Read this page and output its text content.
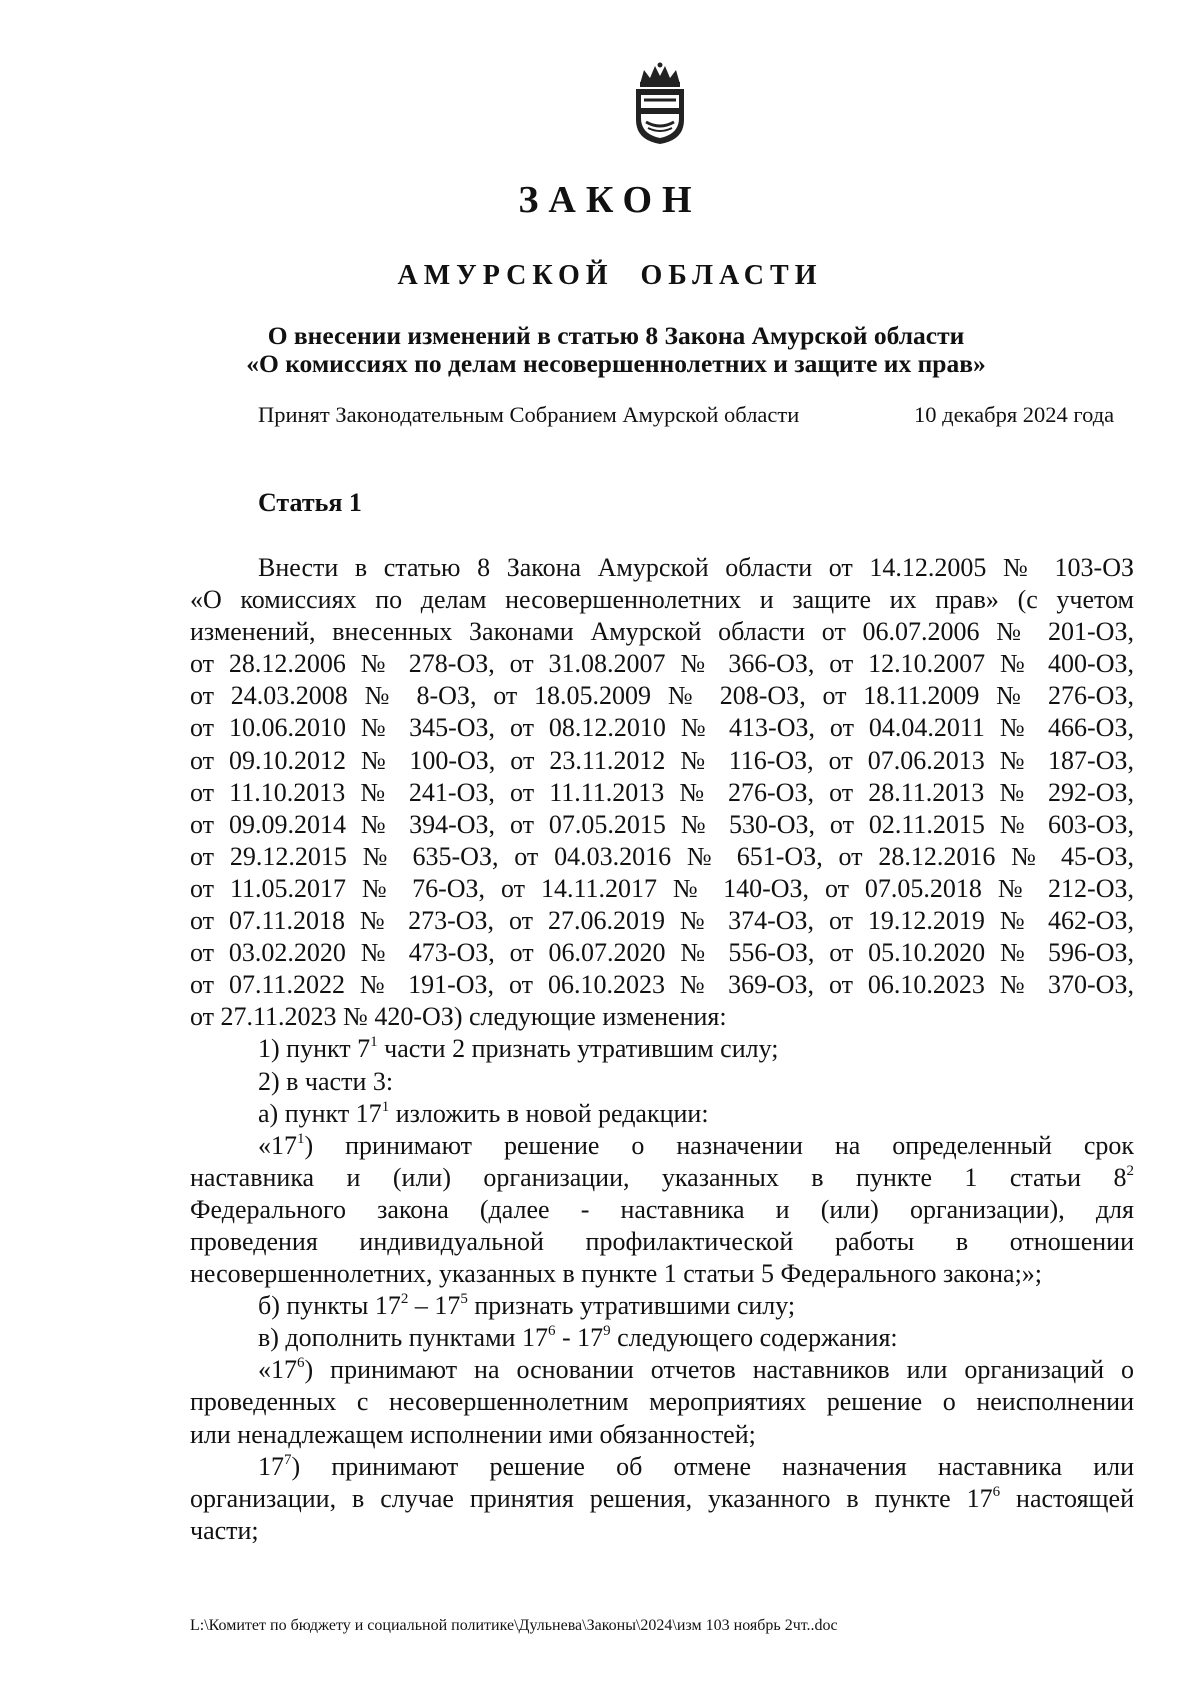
ЗАКОН
АМУРСКОЙ ОБЛАСТИ
О внесении изменений в статью 8 Закона Амурской области
«О комиссиях по делам несовершеннолетних и защите их прав»
Принят Законодательным Собранием Амурской области	10 декабря 2024 года
Статья 1
Внести в статью 8 Закона Амурской области от 14.12.2005 № 103-ОЗ
«О комиссиях по делам несовершеннолетних и защите их прав» (с учетом
изменений, внесенных Законами Амурской области от 06.07.2006 № 201-ОЗ,
от 28.12.2006 № 278-ОЗ, от 31.08.2007 № 366-ОЗ, от 12.10.2007 № 400-ОЗ,
от 24.03.2008 № 8-ОЗ, от 18.05.2009 № 208-ОЗ, от 18.11.2009 № 276-ОЗ,
от 10.06.2010 № 345-ОЗ, от 08.12.2010 № 413-ОЗ, от 04.04.2011 № 466-ОЗ,
от 09.10.2012 № 100-ОЗ, от 23.11.2012 № 116-ОЗ, от 07.06.2013 № 187-ОЗ,
от 11.10.2013 № 241-ОЗ, от 11.11.2013 № 276-ОЗ, от 28.11.2013 № 292-ОЗ,
от 09.09.2014 № 394-ОЗ, от 07.05.2015 № 530-ОЗ, от 02.11.2015 № 603-ОЗ,
от 29.12.2015 № 635-ОЗ, от 04.03.2016 № 651-ОЗ, от 28.12.2016 № 45-ОЗ,
от 11.05.2017 № 76-ОЗ, от 14.11.2017 № 140-ОЗ, от 07.05.2018 № 212-ОЗ,
от 07.11.2018 № 273-ОЗ, от 27.06.2019 № 374-ОЗ, от 19.12.2019 № 462-ОЗ,
от 03.02.2020 № 473-ОЗ, от 06.07.2020 № 556-ОЗ, от 05.10.2020 № 596-ОЗ,
от 07.11.2022 № 191-ОЗ, от 06.10.2023 № 369-ОЗ, от 06.10.2023 № 370-ОЗ,
от 27.11.2023 № 420-ОЗ) следующие изменения:
1) пункт $7^1$ части 2 признать утратившим силу;
2) в части 3:
а) пункт $17^1$ изложить в новой редакции:
«$17^1$) принимают решение о назначении на определенный срок
наставника и (или) организации, указанных в пункте 1 статьи $8^2$
Федерального закона (далее - наставника и (или) организации), для
проведения индивидуальной профилактической работы в отношении
несовершеннолетних, указанных в пункте 1 статьи 5 Федерального закона;»;
б) пункты $17^2 - 17^5$ признать утратившими силу;
в) дополнить пунктами $17^6 - 17^9$ следующего содержания:
«$17^6$) принимают на основании отчетов наставников или организаций о
проведенных с несовершеннолетним мероприятиях решение о неисполнении
или ненадлежащем исполнении ими обязанностей;
$17^7$) принимают решение об отмене назначения наставника или
организации, в случае принятия решения, указанного в пункте $17^6$ настоящей
части;
L:\Комитет по бюджету и социальной политике\Дульнева\Законы\2024\изм 103 ноябрь 2чт..doc
